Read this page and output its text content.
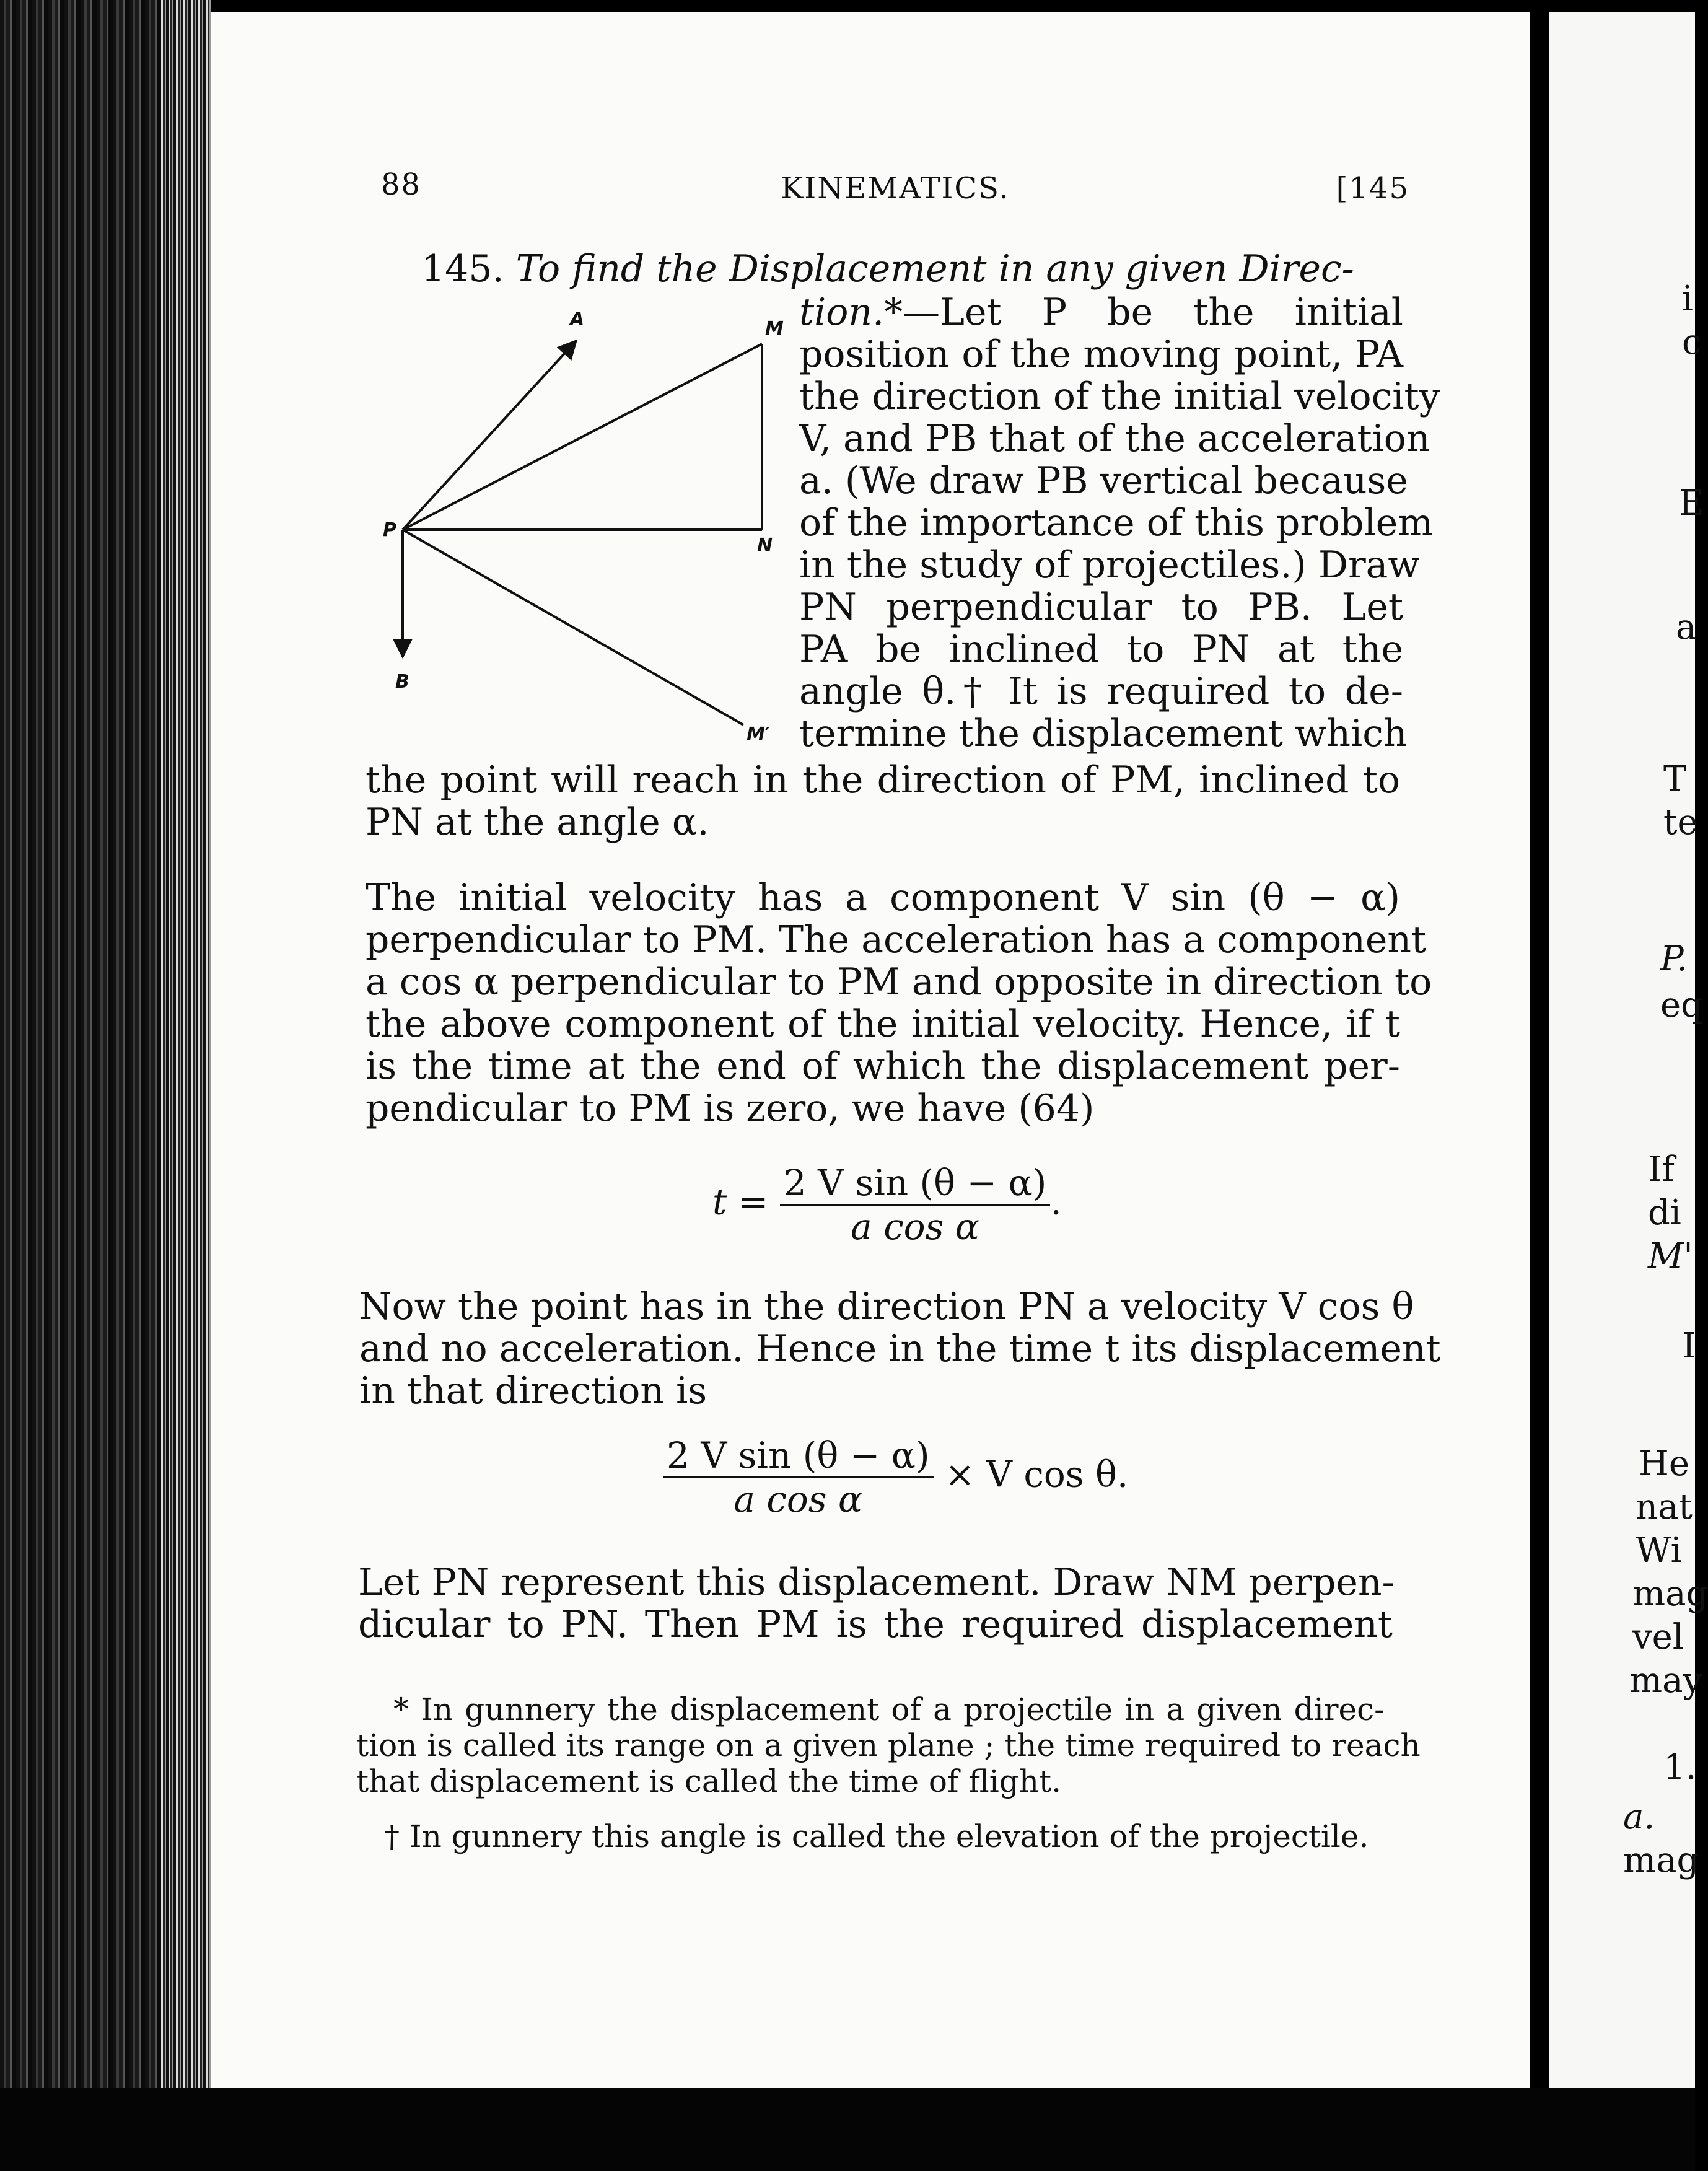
i
c
E
a
T
te
P.
eq
If
di
M'
I
He
nat
Wi
mag
vel
may
1.
a.
mag
88	KINEMATICS.	[145
145. To find the Displacement in any given Direc-
tion.*—Let P be the initial
position of the moving point, PA
the direction of the initial velocity
V, and PB that of the acceleration
a. (We draw PB vertical because
of the importance of this problem
in the study of projectiles.) Draw
PN perpendicular to PB. Let
PA be inclined to PN at the
angle θ.† It is required to de-
termine the displacement which
A	M
P
N
B
M′
the point will reach in the direction of PM, inclined to
PN at the angle α.
The initial velocity has a component V sin (θ − α)
perpendicular to PM. The acceleration has a component
a cos α perpendicular to PM and opposite in direction to
the above component of the initial velocity. Hence, if t
is the time at the end of which the displacement per-
pendicular to PM is zero, we have (64)
$t = \frac{\text{2 V sin (θ − α)}}{\text{a cos α}}$ .
Now the point has in the direction PN a velocity V cos θ
and no acceleration. Hence in the time t its displacement
in that direction is
$\frac{\text{2 V sin (θ − α)}}{\text{a cos α}} \times V$ cos θ.
Let PN represent this displacement. Draw NM perpen-
dicular to PN. Then PM is the required displacement
* In gunnery the displacement of a projectile in a given direc-
tion is called its range on a given plane ; the time required to reach
that displacement is called the time of flight.
† In gunnery this angle is called the elevation of the projectile.
